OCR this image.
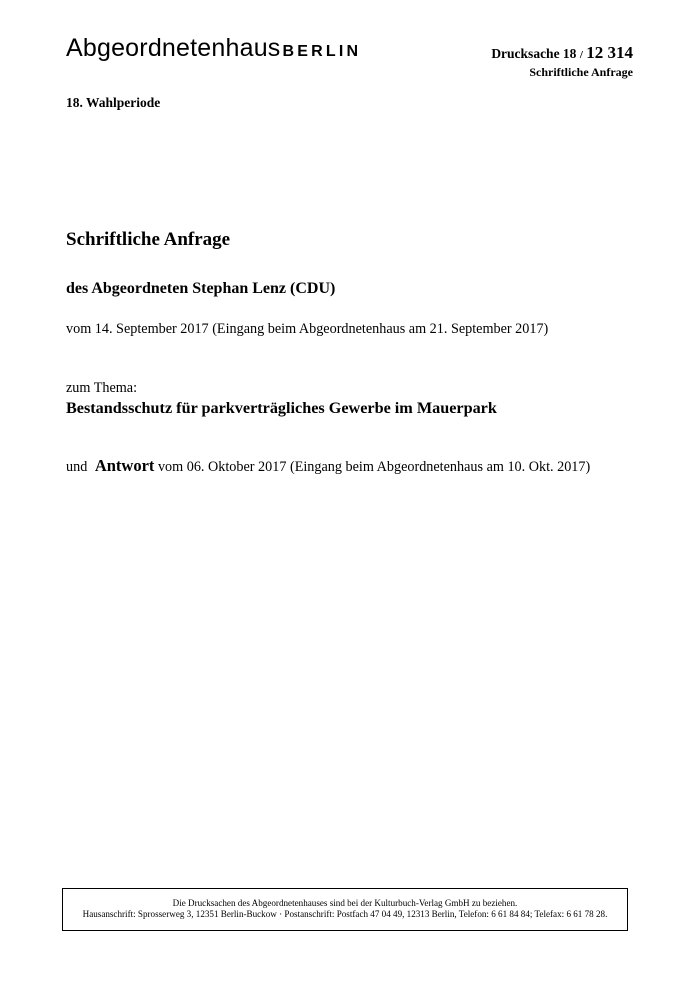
Abgeordnetenhaus BERLIN	Drucksache 18 / 12 314
Schriftliche Anfrage
18. Wahlperiode
Schriftliche Anfrage
des Abgeordneten Stephan Lenz (CDU)
vom 14. September 2017 (Eingang beim Abgeordnetenhaus am 21. September 2017)
zum Thema:
Bestandsschutz für parkverträgliches Gewerbe im Mauerpark
und Antwort vom 06. Oktober 2017 (Eingang beim Abgeordnetenhaus am 10. Okt. 2017)
Die Drucksachen des Abgeordnetenhauses sind bei der Kulturbuch-Verlag GmbH zu beziehen.
Hausanschrift: Sprosserweg 3, 12351 Berlin-Buckow · Postanschrift: Postfach 47 04 49, 12313 Berlin, Telefon: 6 61 84 84; Telefax: 6 61 78 28.
